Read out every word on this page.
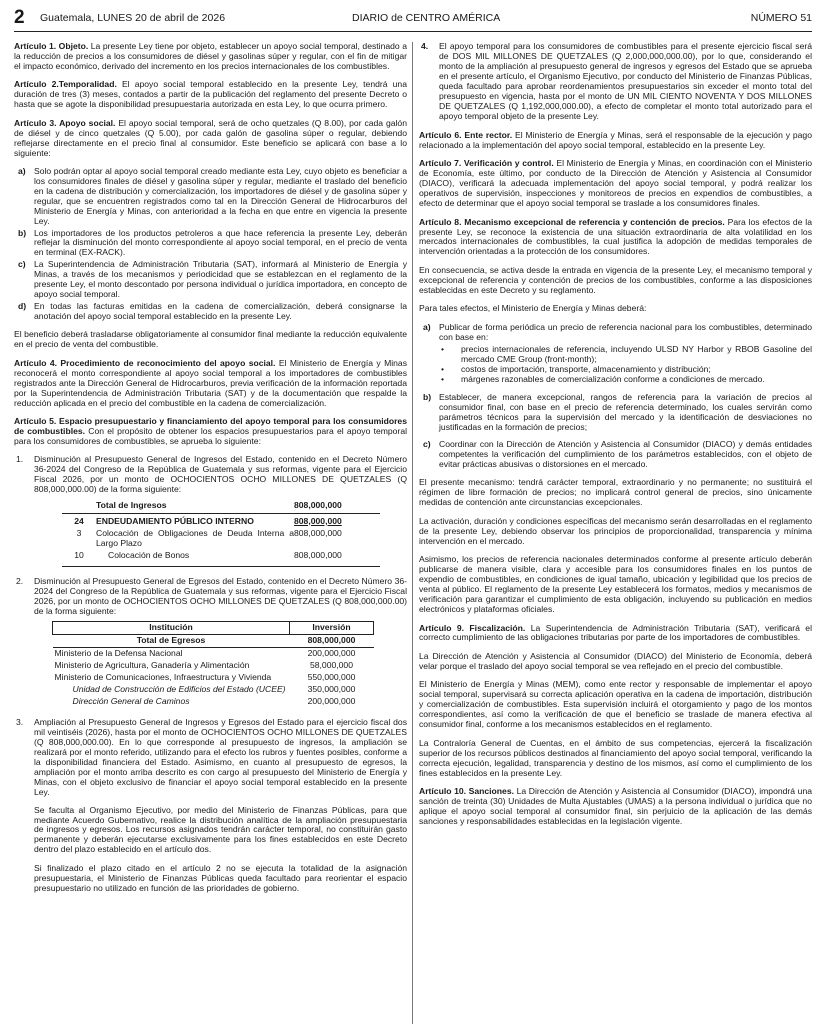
2	Guatemala, LUNES 20 de abril de 2026	DIARIO de CENTRO AMÉRICA	NÚMERO 51

Artículo 1. Objeto. La presente Ley tiene por objeto, establecer un apoyo social temporal, destinado a la reducción de precios a los consumidores de diésel y gasolinas súper y regular, con el fin de mitigar el impacto económico, derivado del incremento en los precios internacionales de los combustibles.

Artículo 2.Temporalidad. El apoyo social temporal establecido en la presente Ley, tendrá una duración de tres (3) meses, contados a partir de la publicación del reglamento del presente Decreto o hasta que se agote la disponibilidad presupuestaria autorizada en esta Ley, lo que ocurra primero.

Artículo 3. Apoyo social. El apoyo social temporal, será de ocho quetzales (Q 8.00), por cada galón de diésel y de cinco quetzales (Q 5.00), por cada galón de gasolina súper o regular, debiendo reflejarse directamente en el precio final al consumidor. Este beneficio se aplicará con base a lo siguiente:

a) Solo podrán optar al apoyo social temporal creado mediante esta Ley, cuyo objeto es beneficiar a los consumidores finales de diésel y gasolina súper y regular, mediante el traslado del beneficio en la cadena de distribución y comercialización, los importadores de diésel y de gasolina súper y regular, que se encuentren registrados como tal en la Dirección General de Hidrocarburos del Ministerio de Energía y Minas, con anterioridad a la fecha en que entre en vigencia la presente Ley.
b) Los importadores de los productos petroleros a que hace referencia la presente Ley, deberán reflejar la disminución del monto correspondiente al apoyo social temporal, en el precio de venta en terminal (EX-RACK).
c) La Superintendencia de Administración Tributaria (SAT), informará al Ministerio de Energía y Minas, a través de los mecanismos y periodicidad que se establezcan en el reglamento de la presente Ley, el monto descontado por persona individual o jurídica importadora, en concepto de apoyo social temporal.
d) En todas las facturas emitidas en la cadena de comercialización, deberá consignarse la anotación del apoyo social temporal establecido en la presente Ley.

El beneficio deberá trasladarse obligatoriamente al consumidor final mediante la reducción equivalente en el precio de venta del combustible.

Artículo 4. Procedimiento de reconocimiento del apoyo social. El Ministerio de Energía y Minas reconocerá el monto correspondiente al apoyo social temporal a los importadores de combustibles registrados ante la Dirección General de Hidrocarburos, previa verificación de la información reportada por la Superintendencia de Administración Tributaria (SAT) y de la documentación que respalde la reducción aplicada en el precio del combustible en la cadena de comercialización.

Artículo 5. Espacio presupuestario y financiamiento del apoyo temporal para los consumidores de combustibles. Con el propósito de obtener los espacios presupuestarios para el apoyo temporal para los consumidores de combustibles, se aprueba lo siguiente:

1.	Disminución al Presupuesto General de Ingresos del Estado, contenido en el Decreto Número 36-2024 del Congreso de la República de Guatemala y sus reformas, vigente para el Ejercicio Fiscal 2026, por un monto de OCHOCIENTOS OCHO MILLONES DE QUETZALES (Q 808,000,000.00) de la forma siguiente:
	Total de Ingresos	808,000,000
24	ENDEUDAMIENTO PÚBLICO INTERNO	808,000,000
3	Colocación de Obligaciones de Deuda Interna a Largo Plazo	808,000,000
10	Colocación de Bonos	808,000,000

2.	Disminución al Presupuesto General de Egresos del Estado, contenido en el Decreto Número 36-2024 del Congreso de la República de Guatemala y sus reformas, vigente para el Ejercicio Fiscal 2026, por un monto de OCHOCIENTOS OCHO MILLONES DE QUETZALES (Q 808,000,000.00) de la forma siguiente:
Institución	Inversión
Total de Egresos	808,000,000
Ministerio de la Defensa Nacional	200,000,000
Ministerio de Agricultura, Ganadería y Alimentación	58,000,000
Ministerio de Comunicaciones, Infraestructura y Vivienda	550,000,000
Unidad de Construcción de Edificios del Estado (UCEE)	350,000,000
Dirección General de Caminos	200,000,000
3.	Ampliación al Presupuesto General de Ingresos y Egresos del Estado para el ejercicio fiscal dos mil veintiséis (2026), hasta por el monto de OCHOCIENTOS OCHO MILLONES DE QUETZALES (Q 808,000,000.00). En lo que corresponde al presupuesto de ingresos, la ampliación se realizará por el monto referido, utilizando para el efecto los rubros y fuentes posibles, conforme a la disponibilidad financiera del Estado. Asimismo, en cuanto al presupuesto de egresos, la ampliación por el monto arriba descrito es con cargo al presupuesto del Ministerio de Energía y Minas, con el objeto exclusivo de financiar el apoyo social temporal establecido en la presente Ley.

Se faculta al Organismo Ejecutivo, por medio del Ministerio de Finanzas Públicas, para que mediante Acuerdo Gubernativo, realice la distribución analítica de la ampliación presupuestaria de ingresos y egresos. Los recursos asignados tendrán carácter temporal, no constituirán gasto permanente y deberán ejecutarse exclusivamente para los fines establecidos en este Decreto dentro del plazo establecido en el artículo dos.

Si finalizado el plazo citado en el artículo 2 no se ejecuta la totalidad de la asignación presupuestaria, el Ministerio de Finanzas Públicas queda facultado para reorientar el espacio presupuestario no utilizado en función de las prioridades de gobierno.

4.	El apoyo temporal para los consumidores de combustibles para el presente ejercicio fiscal será de DOS MIL MILLONES DE QUETZALES (Q 2,000,000,000.00), por lo que, considerando el monto de la ampliación al presupuesto general de ingresos y egresos del Estado que se aprueba en el presente artículo, el Organismo Ejecutivo, por conducto del Ministerio de Finanzas Públicas, queda facultado para aprobar reordenamientos presupuestarios sin exceder el monto total del presupuesto en vigencia, hasta por el monto de UN MIL CIENTO NOVENTA Y DOS MILLONES DE QUETZALES (Q 1,192,000,000.00), a efecto de completar el monto total autorizado para el apoyo temporal objeto de la presente Ley.

Artículo 6. Ente rector. El Ministerio de Energía y Minas, será el responsable de la ejecución y pago relacionado a la implementación del apoyo social temporal, establecido en la presente Ley.

Artículo 7. Verificación y control. El Ministerio de Energía y Minas, en coordinación con el Ministerio de Economía, este último, por conducto de la Dirección de Atención y Asistencia al Consumidor (DIACO), verificará la adecuada implementación del apoyo social temporal, y podrá realizar los operativos de supervisión, inspecciones y monitoreos de precios en expendios de combustibles, a efecto de determinar que el apoyo social temporal se traslade a los consumidores finales.

Artículo 8. Mecanismo excepcional de referencia y contención de precios. Para los efectos de la presente Ley, se reconoce la existencia de una situación extraordinaria de alta volatilidad en los mercados internacionales de combustibles, la cual justifica la adopción de medidas temporales de intervención orientadas a la protección de los consumidores.

En consecuencia, se activa desde la entrada en vigencia de la presente Ley, el mecanismo temporal y excepcional de referencia y contención de precios de los combustibles, conforme a las disposiciones establecidas en este Decreto y su reglamento.

Para tales efectos, el Ministerio de Energía y Minas deberá:

a) Publicar de forma periódica un precio de referencia nacional para los combustibles, determinado con base en:
•	precios internacionales de referencia, incluyendo ULSD NY Harbor y RBOB Gasoline del mercado CME Group (front-month);
•	costos de importación, transporte, almacenamiento y distribución;
•	márgenes razonables de comercialización conforme a condiciones de mercado.
b) Establecer, de manera excepcional, rangos de referencia para la variación de precios al consumidor final, con base en el precio de referencia determinado, los cuales servirán como parámetros técnicos para la supervisión del mercado y la identificación de desviaciones no justificadas en la formación de precios;
c) Coordinar con la Dirección de Atención y Asistencia al Consumidor (DIACO) y demás entidades competentes la verificación del cumplimiento de los parámetros establecidos, con el objeto de evitar prácticas abusivas o distorsiones en el mercado.

El presente mecanismo: tendrá carácter temporal, extraordinario y no permanente; no sustituirá el régimen de libre formación de precios; no implicará control general de precios, sino únicamente medidas de contención ante circunstancias excepcionales.

La activación, duración y condiciones específicas del mecanismo serán desarrolladas en el reglamento de la presente Ley, debiendo observar los principios de proporcionalidad, transparencia y mínima intervención en el mercado.

Asimismo, los precios de referencia nacionales determinados conforme al presente artículo deberán publicarse de manera visible, clara y accesible para los consumidores finales en los puntos de expendio de combustibles, en condiciones de igual tamaño, ubicación y legibilidad que los precios de venta al público. El reglamento de la presente Ley establecerá los formatos, medios y mecanismos de verificación para garantizar el cumplimiento de esta obligación, incluyendo su publicación en medios electrónicos y plataformas oficiales.

Artículo 9. Fiscalización. La Superintendencia de Administración Tributaria (SAT), verificará el correcto cumplimiento de las obligaciones tributarias por parte de los importadores de combustibles.

La Dirección de Atención y Asistencia al Consumidor (DIACO) del Ministerio de Economía, deberá velar porque el traslado del apoyo social temporal se vea reflejado en el precio del combustible.

El Ministerio de Energía y Minas (MEM), como ente rector y responsable de implementar el apoyo social temporal, supervisará su correcta aplicación operativa en la cadena de importación, distribución y comercialización de combustibles. Esta supervisión incluirá el otorgamiento y pago de los montos correspondientes, así como la verificación de que el beneficio se traslade de manera efectiva al consumidor final, conforme a los mecanismos establecidos en el reglamento.

La Contraloría General de Cuentas, en el ámbito de sus competencias, ejercerá la fiscalización superior de los recursos públicos destinados al financiamiento del apoyo social temporal, verificando la correcta ejecución, legalidad, transparencia y destino de los mismos, así como el cumplimiento de los fines establecidos en la presente Ley.

Artículo 10. Sanciones. La Dirección de Atención y Asistencia al Consumidor (DIACO), impondrá una sanción de treinta (30) Unidades de Multa Ajustables (UMAS) a la persona individual o jurídica que no aplique el apoyo social temporal al consumidor final, sin perjuicio de la aplicación de las demás sanciones y responsabilidades establecidas en la legislación vigente.
